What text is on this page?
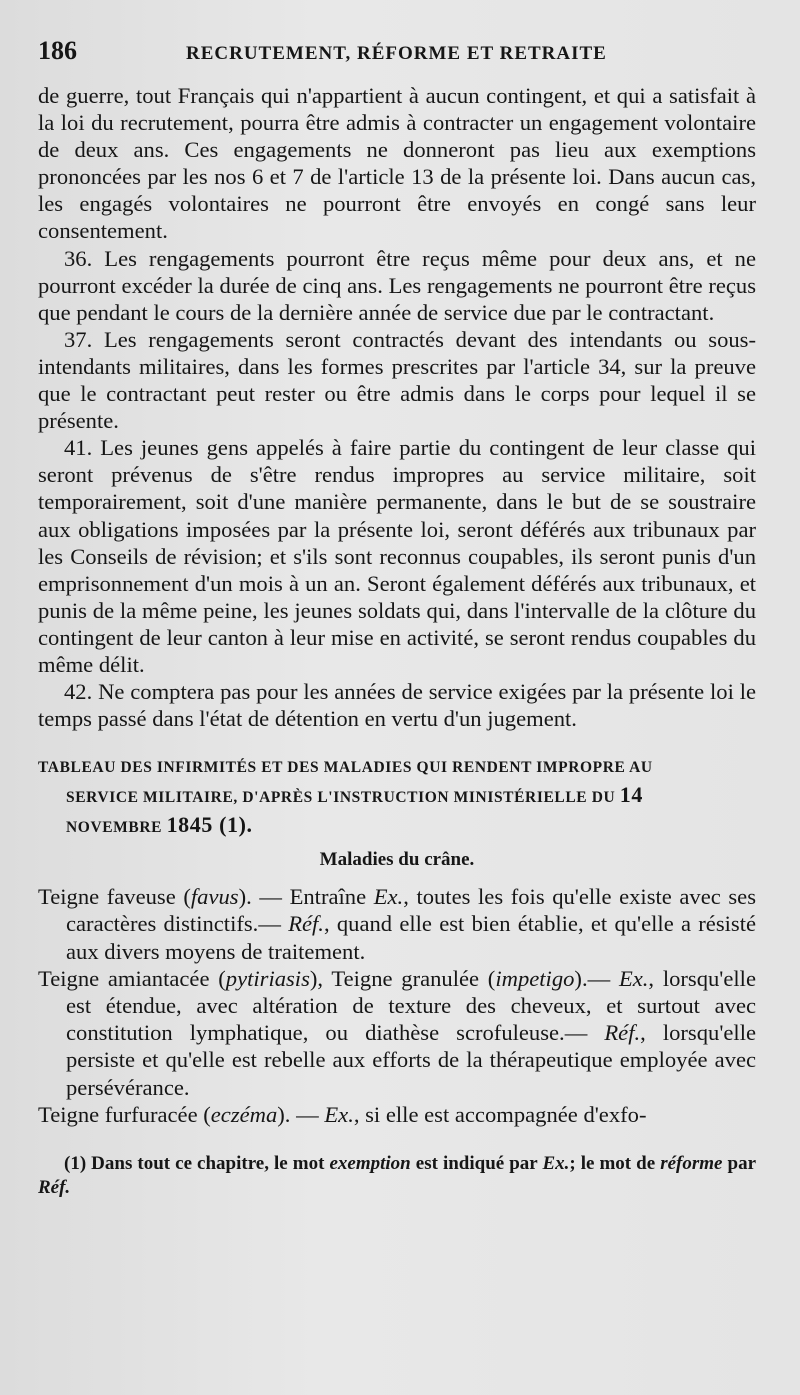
186	RECRUTEMENT, RÉFORME ET RETRAITE

de guerre, tout Français qui n'appartient à aucun contingent, et qui a satisfait à la loi du recrutement, pourra être admis à contracter un engagement volontaire de deux ans. Ces engagements ne donneront pas lieu aux exemptions prononcées par les nos 6 et 7 de l'article 13 de la présente loi. Dans aucun cas, les engagés volontaires ne pourront être envoyés en congé sans leur consentement.

36. Les rengagements pourront être reçus même pour deux ans, et ne pourront excéder la durée de cinq ans. Les rengagements ne pourront être reçus que pendant le cours de la dernière année de service due par le contractant.

37. Les rengagements seront contractés devant des intendants ou sous-intendants militaires, dans les formes prescrites par l'article 34, sur la preuve que le contractant peut rester ou être admis dans le corps pour lequel il se présente.

41. Les jeunes gens appelés à faire partie du contingent de leur classe qui seront prévenus de s'être rendus impropres au service militaire, soit temporairement, soit d'une manière permanente, dans le but de se soustraire aux obligations imposées par la présente loi, seront déférés aux tribunaux par les Conseils de révision; et s'ils sont reconnus coupables, ils seront punis d'un emprisonnement d'un mois à un an. Seront également déférés aux tribunaux, et punis de la même peine, les jeunes soldats qui, dans l'intervalle de la clôture du contingent de leur canton à leur mise en activité, se seront rendus coupables du même délit.

42. Ne comptera pas pour les années de service exigées par la présente loi le temps passé dans l'état de détention en vertu d'un jugement.

TABLEAU DES INFIRMITÉS ET DES MALADIES QUI RENDENT IMPROPRE AU
SERVICE MILITAIRE, D'APRÈS L'INSTRUCTION MINISTÉRIELLE DU 14
NOVEMBRE 1845 (1).
Maladies du crâne.

Teigne faveuse (favus). — Entraîne Ex., toutes les fois qu'elle existe avec ses caractères distinctifs.— Réf., quand elle est bien établie, et qu'elle a résisté aux divers moyens de traitement.

Teigne amiantacée (pytiriasis), Teigne granulée (impetigo).— Ex., lorsqu'elle est étendue, avec altération de texture des cheveux, et surtout avec constitution lymphatique, ou diathèse scrofuleuse.— Réf., lorsqu'elle persiste et qu'elle est rebelle aux efforts de la thérapeutique employée avec persévérance.

Teigne furfuracée (eczéma). — Ex., si elle est accompagnée d'exfo-

(1) Dans tout ce chapitre, le mot exemption est indiqué par Ex.; le mot de réforme par Réf.
